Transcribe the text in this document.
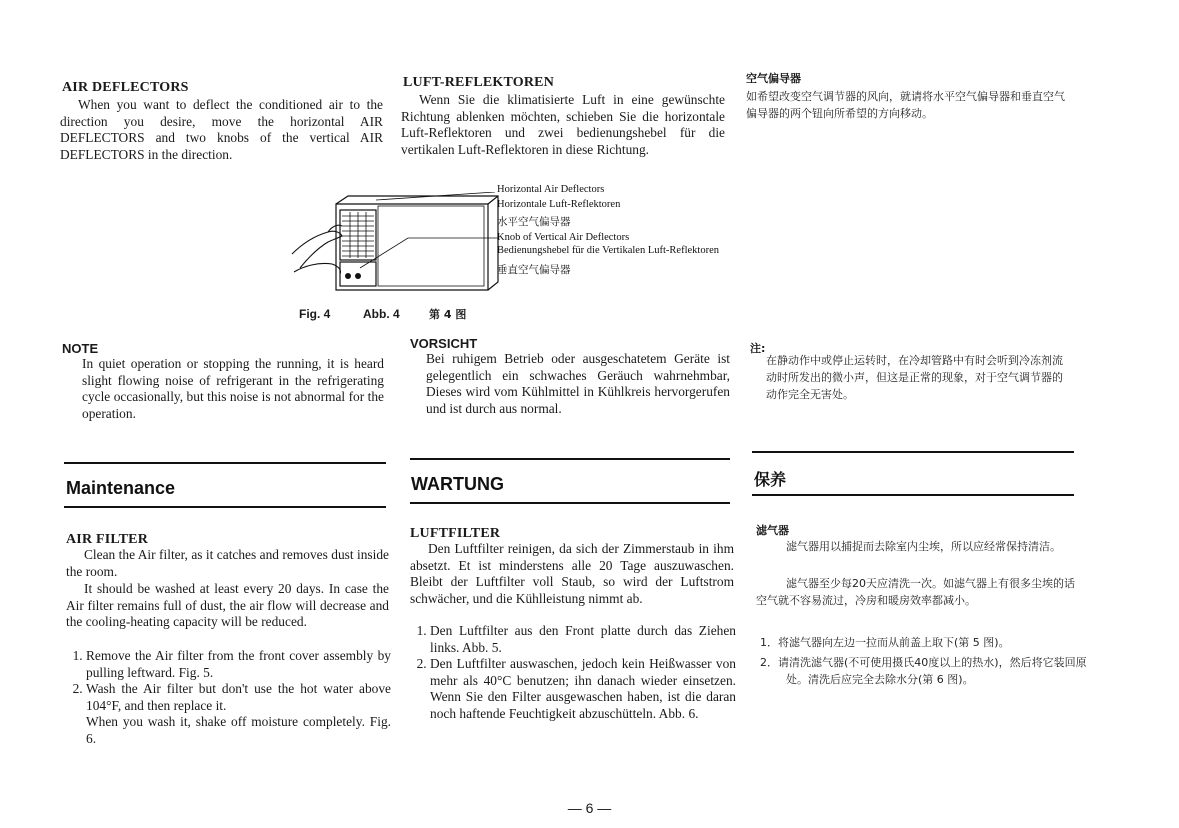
AIR DEFLECTORS

When you want to deflect the conditioned air to the direction you desire, move the horizontal AIR DEFLECTORS and two knobs of the vertical AIR DEFLECTORS in the direction.

NOTE

In quiet operation or stopping the running, it is heard slight flowing noise of refrigerant in the refrigerating cycle occasionally, but this noise is not abnormal for the operation.

Maintenance
AIR FILTER

Clean the Air filter, as it catches and removes dust inside the room.

It should be washed at least every 20 days. In case the Air filter remains full of dust, the air flow will decrease and the cooling-heating capacity will be reduced.

1. Remove the Air filter from the front cover assembly by pulling leftward. Fig. 5.
2. Wash the Air filter but don't use the hot water above 104°F, and then replace it.
When you wash it, shake off moisture completely. Fig. 6.
LUFT-REFLEKTOREN

Wenn Sie die klimatisierte Luft in eine gewünschte Richtung ablenken möchten, schieben Sie die horizontale Luft-Reflektoren und zwei bedienungshebel für die vertikalen Luft-Reflektoren in diese Richtung.

VORSICHT

Bei ruhigem Betrieb oder ausgeschatetem Geräte ist gelegentlich ein schwaches Geräuch wahrnehmbar, Dieses wird vom Kühlmittel in Kühlkreis hervorgerufen und ist durch aus normal.

WARTUNG
LUFTFILTER

Den Luftfilter reinigen, da sich der Zimmerstaub in ihm absetzt. Et ist minderstens alle 20 Tage auszuwaschen. Bleibt der Luftfilter voll Staub, so wird der Luftstrom schwächer, und die Kühlleistung nimmt ab.

1. Den Luftfilter aus den Front platte durch das Ziehen links. Abb. 5.
2. Den Luftfilter auswaschen, jedoch kein Heißwasser von mehr als 40°C benutzen; ihn danach wieder einsetzen. Wenn Sie den Filter ausgewaschen haben, ist die daran noch haftende Feuchtigkeit abzuschütteln. Abb. 6.
空气偏导器

如希望改变空气调节器的风向，就请将水平空气偏导器和垂直空气偏导器的两个钮向所希望的方向移动。

注:

在静动作中或停止运转时，在冷却管路中有时会听到冷冻剂流动时所发出的微小声，但这是正常的现象，对于空气调节器的动作完全无害处。

保养
滤气器

滤气器用以捕捉而去除室内尘埃，所以应经常保持清洁。

滤气器至少每20天应清洗一次。如滤气器上有很多尘埃的话空气就不容易流过，冷房和暖房效率都减小。

1．将滤气器向左边一拉而从前盖上取下(第 5 图)。

2．请清洗滤气器(不可使用摄氏40度以上的热水)，然后将它装回原处。清洗后应完全去除水分(第 6 图)。

Horizontal Air Deflectors
Horizontale Luft-Reflektoren
水平空气偏导器
Knob of Vertical Air Deflectors
Bedienungshebel für die Vertikalen Luft-Reflektoren
垂直空气偏导器
Fig. 4	Abb. 4	第 4 图
— 6 —
